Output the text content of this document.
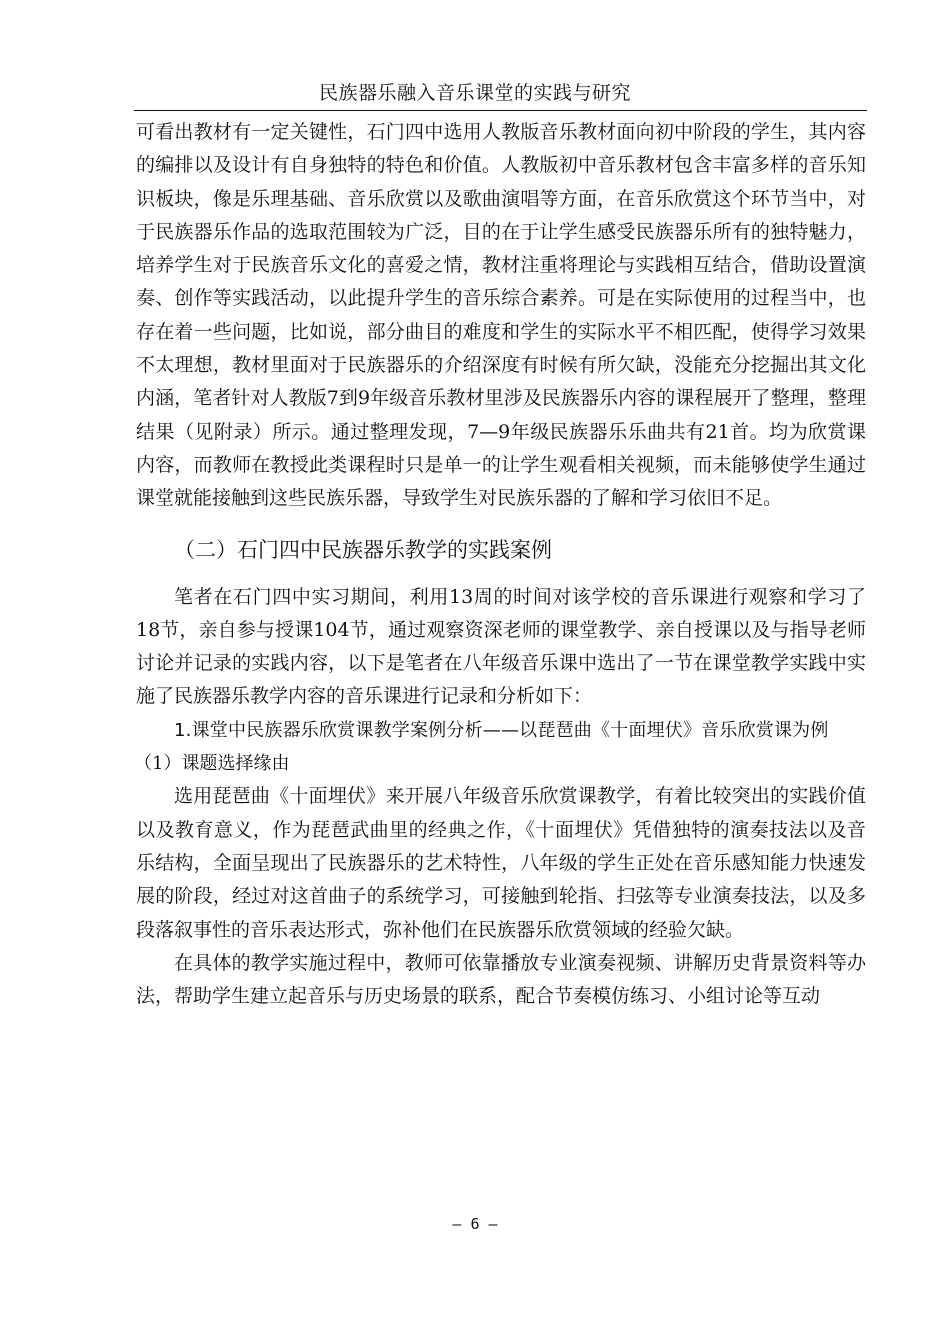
民族器乐融入音乐课堂的实践与研究

可看出教材有一定关键性，石门四中选用人教版音乐教材面向初中阶段的学生，其内容的编排以及设计有自身独特的特色和价值。人教版初中音乐教材包含丰富多样的音乐知识板块，像是乐理基础、音乐欣赏以及歌曲演唱等方面，在音乐欣赏这个环节当中，对于民族器乐作品的选取范围较为广泛，目的在于让学生感受民族器乐所有的独特魅力，培养学生对于民族音乐文化的喜爱之情，教材注重将理论与实践相互结合，借助设置演奏、创作等实践活动，以此提升学生的音乐综合素养。可是在实际使用的过程当中，也存在着一些问题，比如说，部分曲目的难度和学生的实际水平不相匹配，使得学习效果不太理想，教材里面对于民族器乐的介绍深度有时候有所欠缺，没能充分挖掘出其文化内涵，笔者针对人教版7到9年级音乐教材里涉及民族器乐内容的课程展开了整理，整理结果（见附录）所示。通过整理发现，7—9年级民族器乐乐曲共有21首。均为欣赏课内容，而教师在教授此类课程时只是单一的让学生观看相关视频，而未能够使学生通过课堂就能接触到这些民族乐器，导致学生对民族乐器的了解和学习依旧不足。

（二）石门四中民族器乐教学的实践案例

笔者在石门四中实习期间，利用13周的时间对该学校的音乐课进行观察和学习了18节，亲自参与授课104节，通过观察资深老师的课堂教学、亲自授课以及与指导老师讨论并记录的实践内容，以下是笔者在八年级音乐课中选出了一节在课堂教学实践中实施了民族器乐教学内容的音乐课进行记录和分析如下：

1.课堂中民族器乐欣赏课教学案例分析——以琵琶曲《十面埋伏》音乐欣赏课为例

（1）课题选择缘由

选用琵琶曲《十面埋伏》来开展八年级音乐欣赏课教学，有着比较突出的实践价值以及教育意义，作为琵琶武曲里的经典之作，《十面埋伏》凭借独特的演奏技法以及音乐结构，全面呈现出了民族器乐的艺术特性，八年级的学生正处在音乐感知能力快速发展的阶段，经过对这首曲子的系统学习，可接触到轮指、扫弦等专业演奏技法，以及多段落叙事性的音乐表达形式，弥补他们在民族器乐欣赏领域的经验欠缺。

在具体的教学实施过程中，教师可依靠播放专业演奏视频、讲解历史背景资料等办法，帮助学生建立起音乐与历史场景的联系，配合节奏模仿练习、小组讨论等互动

— 6 —
